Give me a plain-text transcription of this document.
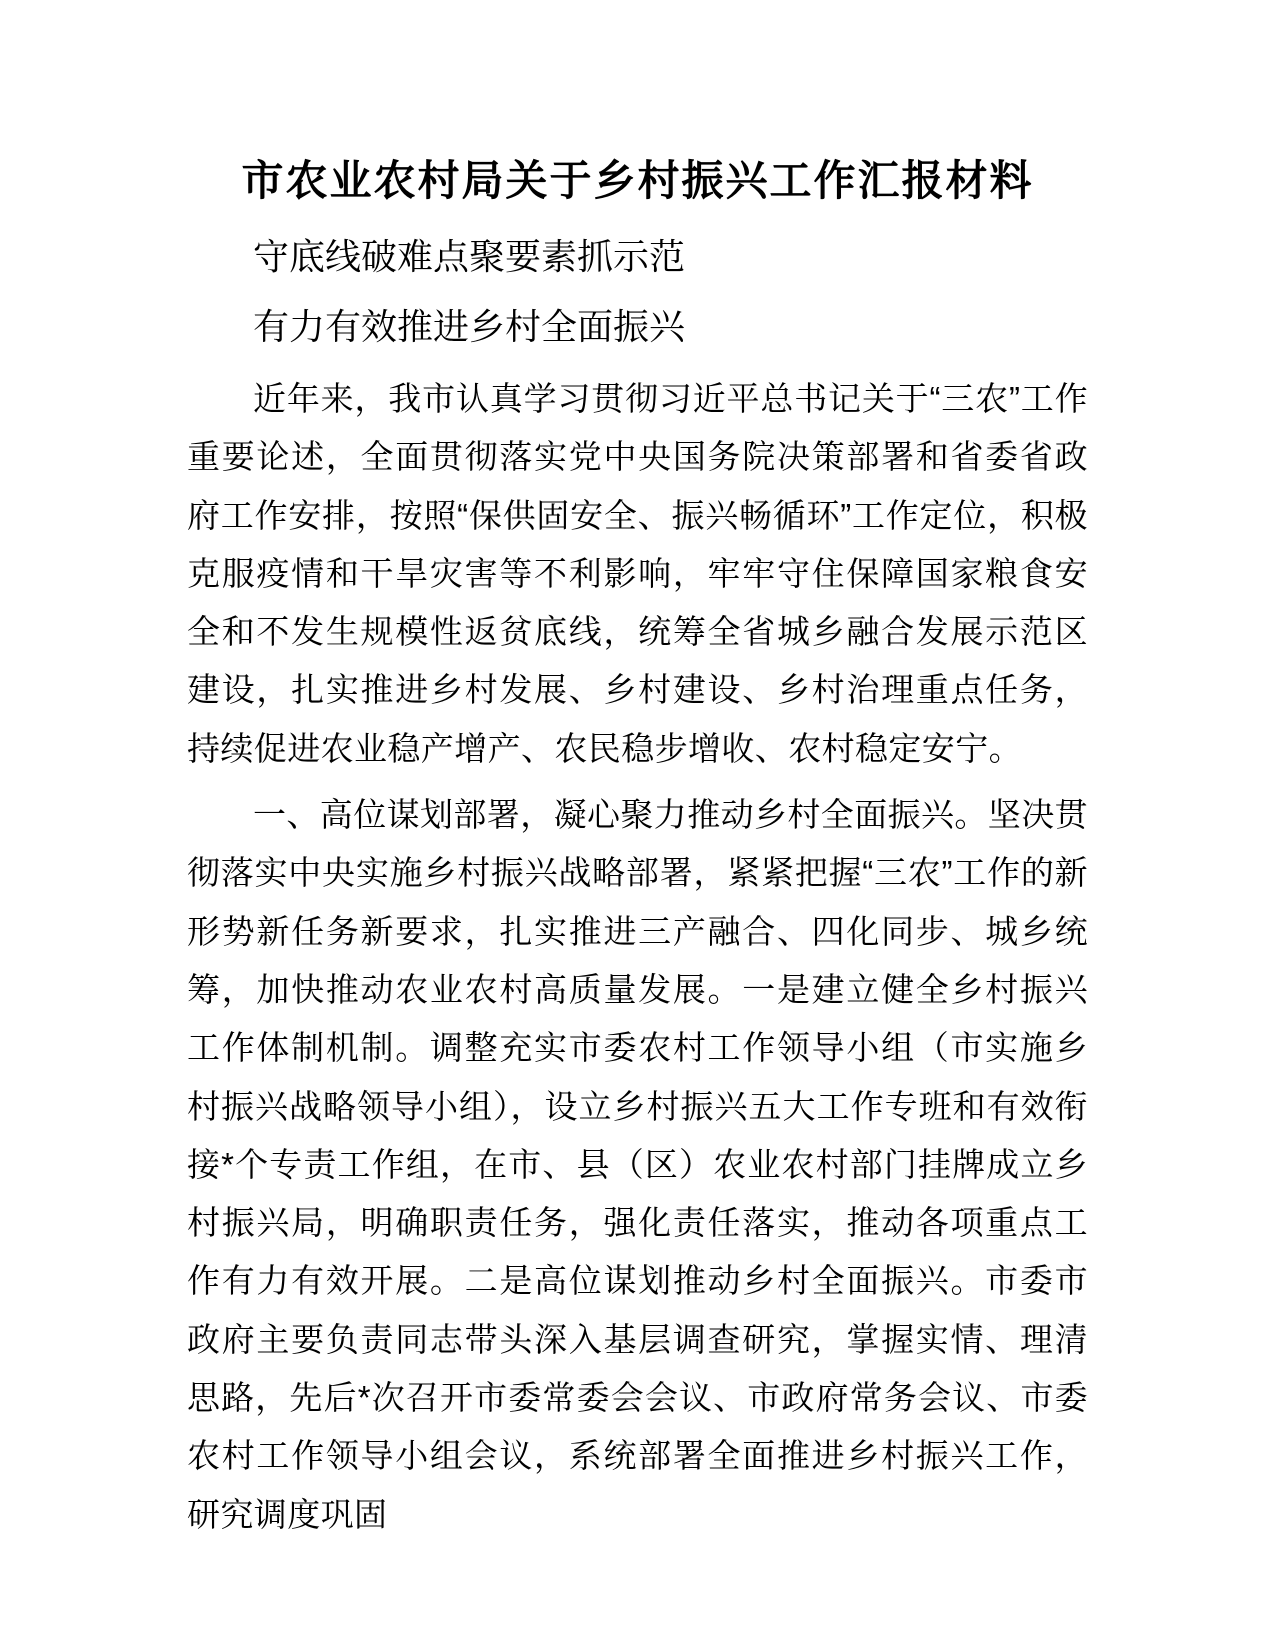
市农业农村局关于乡村振兴工作汇报材料

守底线破难点聚要素抓示范

有力有效推进乡村全面振兴

近年来，我市认真学习贯彻习近平总书记关于“三农”工作重要论述，全面贯彻落实党中央国务院决策部署和省委省政府工作安排，按照“保供固安全、振兴畅循环”工作定位，积极克服疫情和干旱灾害等不利影响，牢牢守住保障国家粮食安全和不发生规模性返贫底线，统筹全省城乡融合发展示范区建设，扎实推进乡村发展、乡村建设、乡村治理重点任务，持续促进农业稳产增产、农民稳步增收、农村稳定安宁。

一、高位谋划部署，凝心聚力推动乡村全面振兴。坚决贯彻落实中央实施乡村振兴战略部署，紧紧把握“三农”工作的新形势新任务新要求，扎实推进三产融合、四化同步、城乡统筹，加快推动农业农村高质量发展。一是建立健全乡村振兴工作体制机制。调整充实市委农村工作领导小组（市实施乡村振兴战略领导小组），设立乡村振兴五大工作专班和有效衔接*个专责工作组，在市、县（区）农业农村部门挂牌成立乡村振兴局，明确职责任务，强化责任落实，推动各项重点工作有力有效开展。二是高位谋划推动乡村全面振兴。市委市政府主要负责同志带头深入基层调查研究，掌握实情、理清思路，先后*次召开市委常委会会议、市政府常务会议、市委农村工作领导小组会议，系统部署全面推进乡村振兴工作，研究调度巩固
